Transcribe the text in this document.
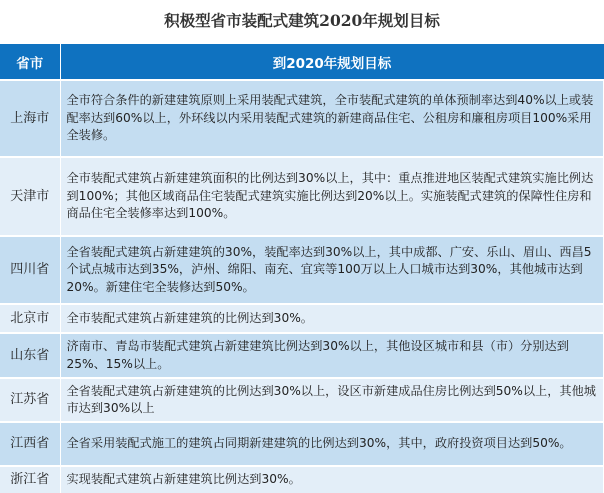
积极型省市装配式建筑2020年规划目标
省市	到2020年规划目标
上海市	全市符合条件的新建建筑原则上采用装配式建筑，全市装配式建筑的单体预制率达到40%以上或装配率达到60%以上，外环线以内采用装配式建筑的新建商品住宅、公租房和廉租房项目100%采用全装修。
天津市	全市装配式建筑占新建建筑面积的比例达到30%以上，其中：重点推进地区装配式建筑实施比例达到100%；其他区域商品住宅装配式建筑实施比例达到20%以上。实施装配式建筑的保障性住房和商品住宅全装修率达到100%。
四川省	全省装配式建筑占新建建筑的30%，装配率达到30%以上，其中成都、广安、乐山、眉山、西昌5个试点城市达到35%，泸州、绵阳、南充、宜宾等100万以上人口城市达到30%，其他城市达到20%。新建住宅全装修达到50%。
北京市	全市装配式建筑占新建建筑的比例达到30%。
山东省	济南市、青岛市装配式建筑占新建建筑比例达到30%以上，其他设区城市和县（市）分别达到25%、15%以上。
江苏省	全省装配式建筑占新建建筑的比例达到30%以上，设区市新建成品住房比例达到50%以上，其他城市达到30%以上
江西省	全省采用装配式施工的建筑占同期新建建筑的比例达到30%，其中，政府投资项目达到50%。
浙江省	实现装配式建筑占新建建筑比例达到30%。
